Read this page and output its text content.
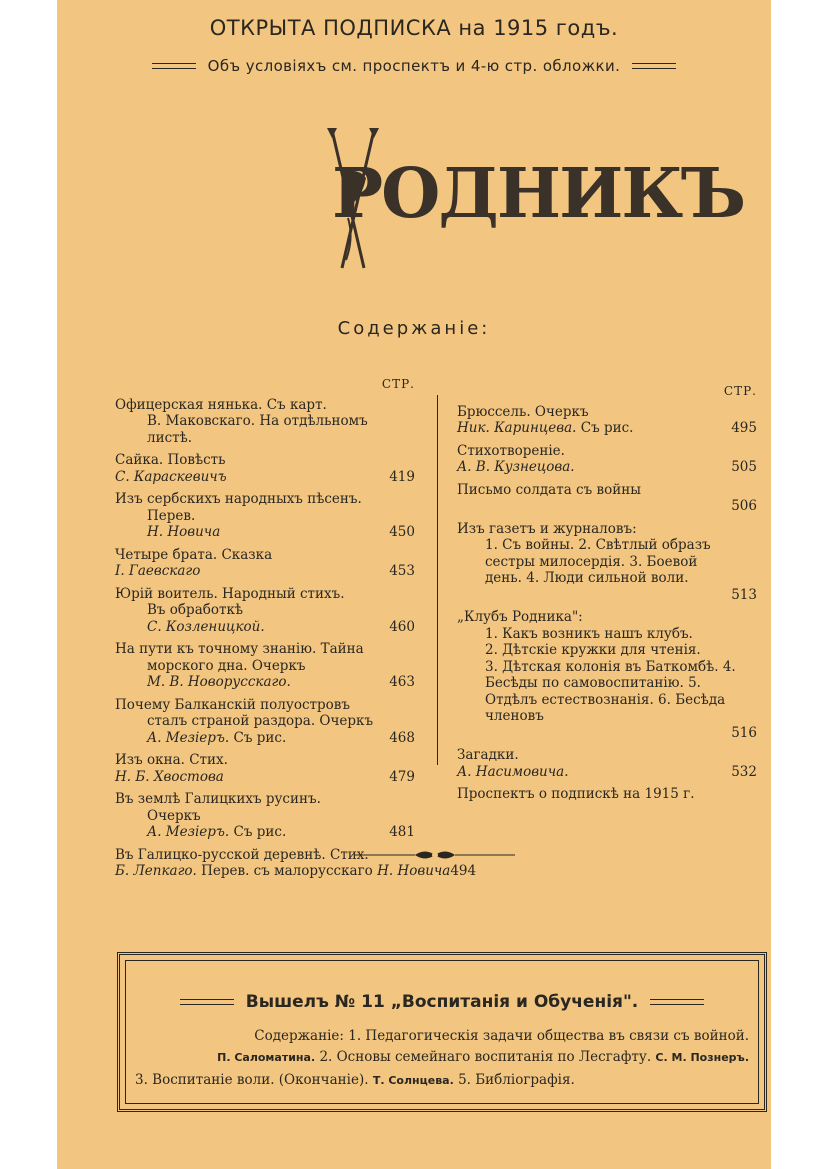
ОТКРЫТА ПОДПИСКА на 1915 годъ.
Объ условіяхъ см. проспектъ и 4-ю стр. обложки.
РОДНИКЪ
Содержаніе:
СТР.
Офицерская нянька. Съ карт.
В. Маковскаго. На отдѣльномъ
листѣ.
Сайка. Повѣсть
С. Караскевичъ	419
Изъ сербскихъ народныхъ пѣсенъ.
Перев.
Н. Новича	450
Четыре брата. Сказка
I. Гаевскаго	453
Юрій воитель. Народный стихъ.
Въ обработкѣ
С. Козленицкой.	460
На пути къ точному знанію. Тайна
морского дна. Очеркъ
М. В. Новорусскаго.	463
Почему Балканскій полуостровъ
сталъ страной раздора. Очеркъ
А. Мезіеръ. Съ рис.	468
Изъ окна. Стих.
Н. Б. Хвостова	479
Въ землѣ Галицкихъ русинъ.
Очеркъ
А. Мезіеръ. Съ рис.	481
Въ Галицко-русской деревнѣ. Стих.
Б. Лепкаго. Перев. съ малорусскаго Н. Новича 494
СТР.
Брюссель. Очеркъ
Ник. Каринцева. Съ рис.	495
Стихотвореніе.
А. В. Кузнецова.	505
Письмо солдата съ войны
506
Изъ газетъ и журналовъ:
1. Съ войны. 2. Свѣтлый образъ
сестры милосердія. 3. Боевой
день. 4. Люди сильной воли.
513
„Клубъ Родника":
1. Какъ возникъ нашъ клубъ.
2. Дѣтскіе кружки для чтенія.
3. Дѣтская колонія въ Баткомбѣ. 4. Бесѣды по самовоспитанію. 5. Отдѣлъ естествознанія. 6. Бесѣда членовъ
516
Загадки.
А. Насимовича.	532
Проспектъ о подпискѣ на 1915 г.
Вышелъ № 11 „Воспитанія и Обученія".
Содержаніе: 1. Педагогическія задачи общества въ связи съ войной.
П. Саломатина. 2. Основы семейнаго воспитанія по Лесгафту. С. М. Познеръ.
3. Воспитаніе воли. (Окончаніе). Т. Солнцева. 5. Библіографія.
